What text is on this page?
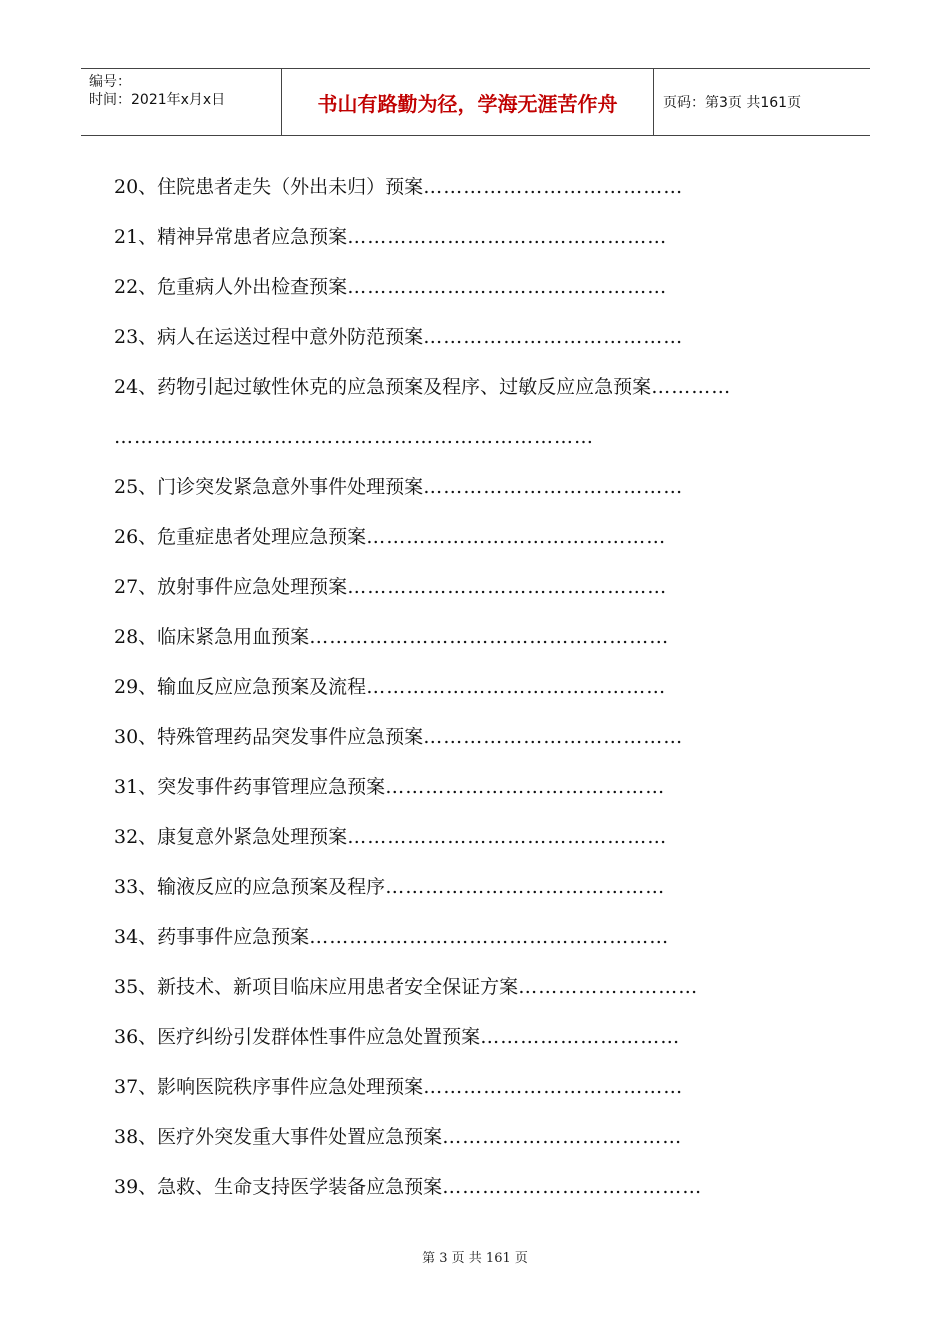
编号：
时间：2021年x月x日	书山有路勤为径，学海无涯苦作舟	页码：第3页 共161页
20、住院患者走失（外出未归）预案…………………………………
21、精神异常患者应急预案…………………………………………
22、危重病人外出检查预案…………………………………………
23、病人在运送过程中意外防范预案…………………………………
24、药物引起过敏性休克的应急预案及程序、过敏反应应急预案…………
………………………………………………………………
25、门诊突发紧急意外事件处理预案…………………………………
26、危重症患者处理应急预案………………………………………
27、放射事件应急处理预案…………………………………………
28、临床紧急用血预案………………………………………………
29、输血反应应急预案及流程………………………………………
30、特殊管理药品突发事件应急预案…………………………………
31、突发事件药事管理应急预案……………………………………
32、康复意外紧急处理预案…………………………………………
33、输液反应的应急预案及程序……………………………………
34、药事事件应急预案………………………………………………
35、新技术、新项目临床应用患者安全保证方案………………………
36、医疗纠纷引发群体性事件应急处置预案…………………………
37、影响医院秩序事件应急处理预案…………………………………
38、医疗外突发重大事件处置应急预案………………………………
39、急救、生命支持医学装备应急预案…………………………………
第 3 页 共 161 页
